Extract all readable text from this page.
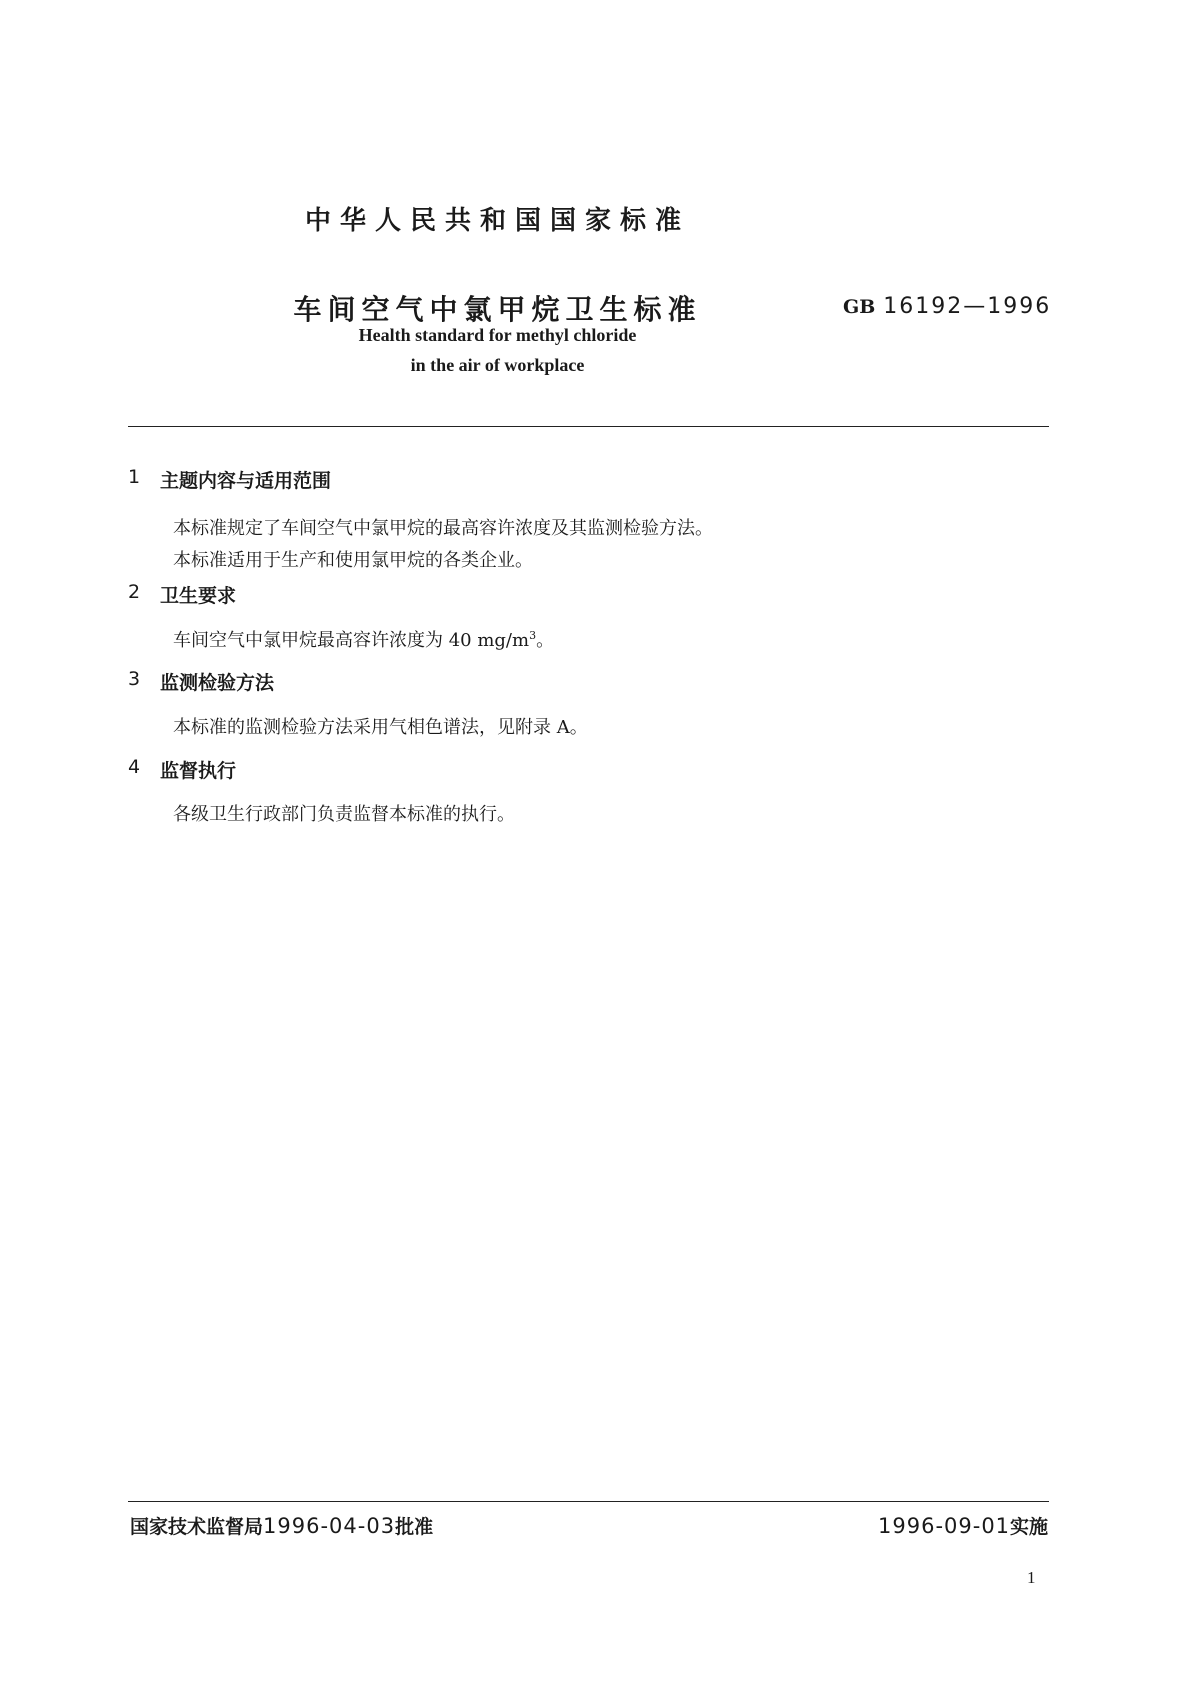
中华人民共和国国家标准
车间空气中氯甲烷卫生标准	GB 16192—1996
Health standard for methyl chloride
in the air of workplace
1 主题内容与适用范围
本标准规定了车间空气中氯甲烷的最高容许浓度及其监测检验方法。
本标准适用于生产和使用氯甲烷的各类企业。
2 卫生要求
车间空气中氯甲烷最高容许浓度为 40 $mg/m^3$。
3 监测检验方法
本标准的监测检验方法采用气相色谱法，见附录 A。
4 监督执行
各级卫生行政部门负责监督本标准的执行。
国家技术监督局1996-04-03批准	1996-09-01实施
1
